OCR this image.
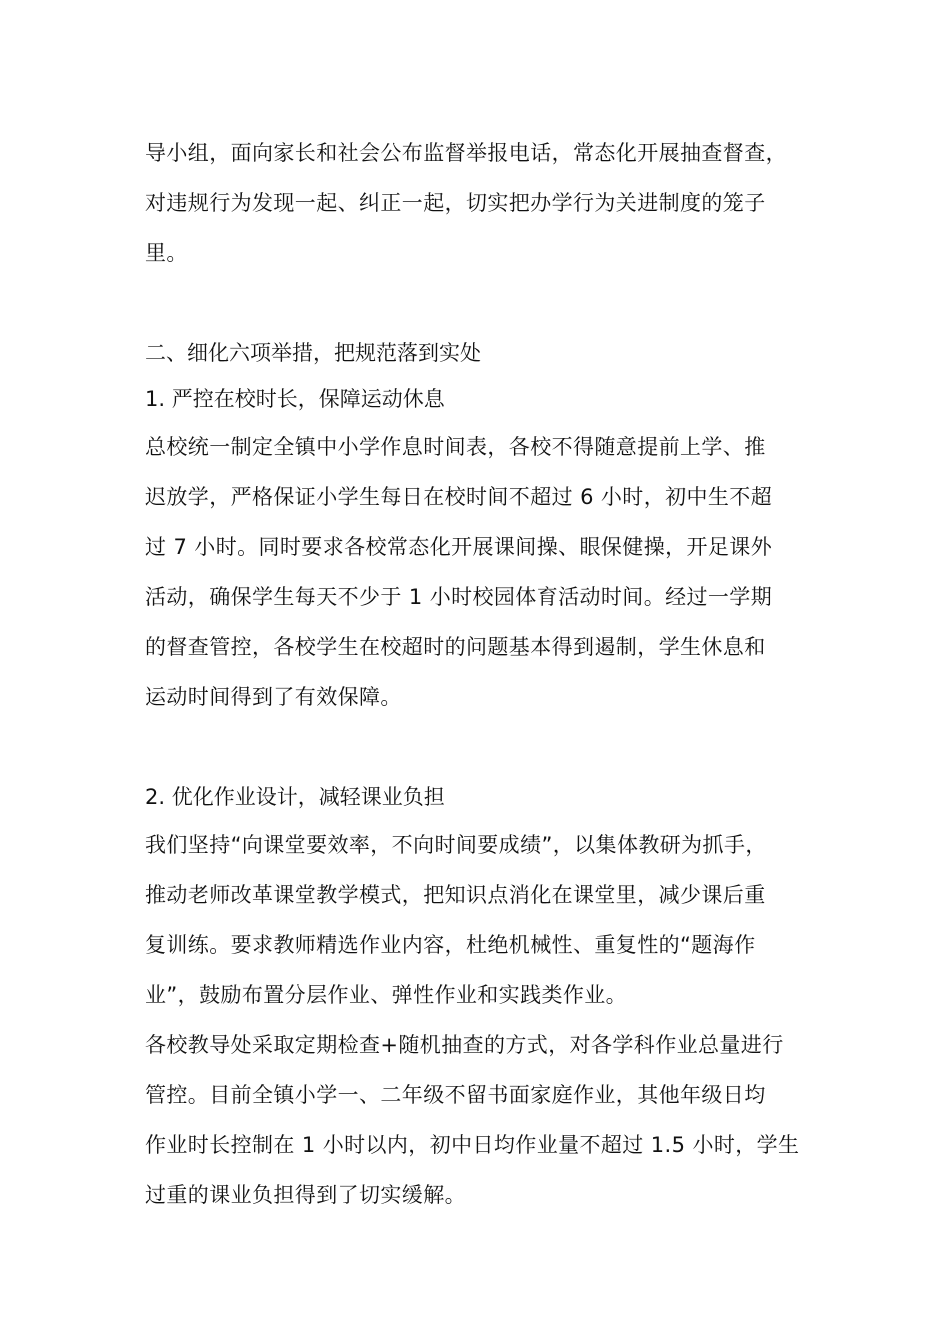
导小组，面向家长和社会公布监督举报电话，常态化开展抽查督查，
对违规行为发现一起、纠正一起，切实把办学行为关进制度的笼子
里。
二、细化六项举措，把规范落到实处
1. 严控在校时长，保障运动休息
总校统一制定全镇中小学作息时间表，各校不得随意提前上学、推
迟放学，严格保证小学生每日在校时间不超过 6 小时，初中生不超
过 7 小时。同时要求各校常态化开展课间操、眼保健操，开足课外
活动，确保学生每天不少于 1 小时校园体育活动时间。经过一学期
的督查管控，各校学生在校超时的问题基本得到遏制，学生休息和
运动时间得到了有效保障。
2. 优化作业设计，减轻课业负担
我们坚持“向课堂要效率，不向时间要成绩”，以集体教研为抓手，
推动老师改革课堂教学模式，把知识点消化在课堂里，减少课后重
复训练。要求教师精选作业内容，杜绝机械性、重复性的“题海作
业”，鼓励布置分层作业、弹性作业和实践类作业。
各校教导处采取定期检查+随机抽查的方式，对各学科作业总量进行
管控。目前全镇小学一、二年级不留书面家庭作业，其他年级日均
作业时长控制在 1 小时以内，初中日均作业量不超过 1.5 小时，学生
过重的课业负担得到了切实缓解。
